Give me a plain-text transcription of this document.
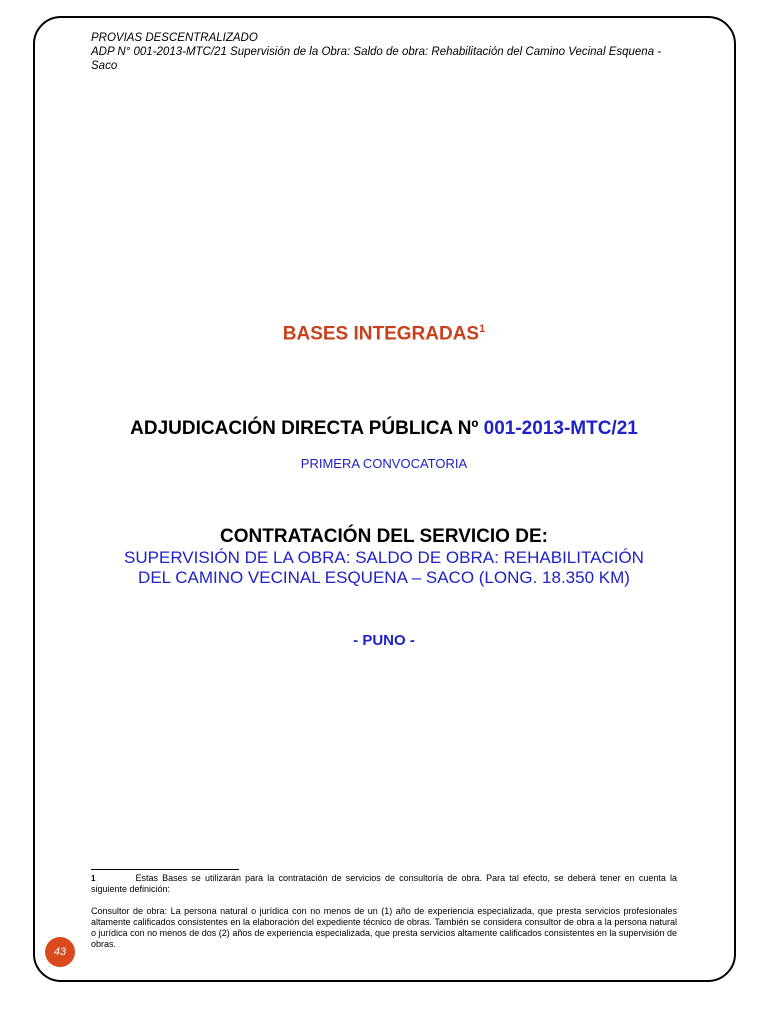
PROVIAS DESCENTRALIZADO
ADP N° 001-2013-MTC/21 Supervisión de la Obra: Saldo de obra: Rehabilitación del Camino Vecinal Esquena -
Saco
BASES INTEGRADAS$^1$
ADJUDICACIÓN DIRECTA PÚBLICA Nº 001-2013-MTC/21
PRIMERA CONVOCATORIA
CONTRATACIÓN DEL SERVICIO DE:
SUPERVISIÓN DE LA OBRA: SALDO DE OBRA: REHABILITACIÓN
DEL CAMINO VECINAL ESQUENA – SACO (LONG. 18.350 KM)
- PUNO -

1	Estas Bases se utilizarán para la contratación de servicios de consultoría de obra. Para tal efecto, se deberá tener en cuenta la siguiente definición:

Consultor de obra: La persona natural o jurídica con no menos de un (1) año de experiencia especializada, que presta servicios profesionales altamente calificados consistentes en la elaboración del expediente técnico de obras. También se considera consultor de obra a la persona natural o jurídica con no menos de dos (2) años de experiencia especializada, que presta servicios altamente calificados consistentes en la supervisión de obras.

43
